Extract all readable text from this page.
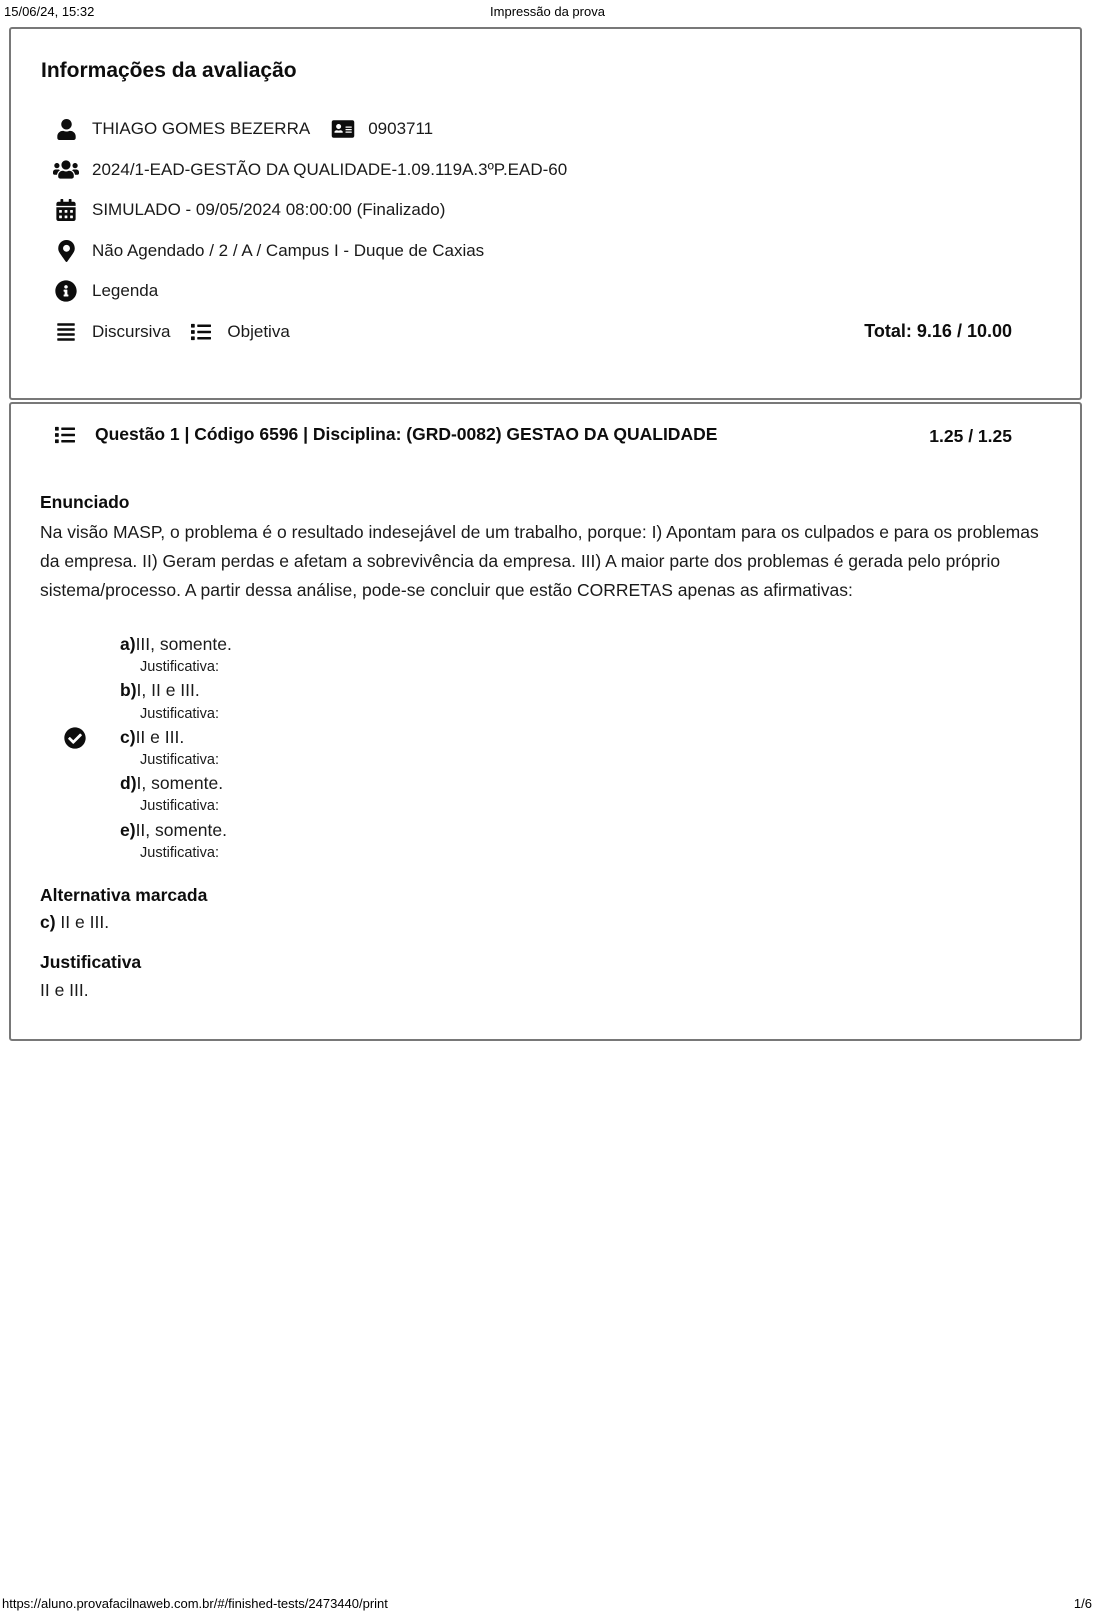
15/06/24, 15:32	Impressão da prova
Informações da avaliação
THIAGO GOMES BEZERRA	0903711
2024/1-EAD-GESTÃO DA QUALIDADE-1.09.119A.3ºP.EAD-60
SIMULADO - 09/05/2024 08:00:00 (Finalizado)
Não Agendado / 2 / A / Campus I - Duque de Caxias
Legenda
Discursiva	Objetiva	Total: 9.16 / 10.00
Questão 1 | Código 6596 | Disciplina: (GRD-0082) GESTAO DA QUALIDADE	1.25 / 1.25
Enunciado
Na visão MASP, o problema é o resultado indesejável de um trabalho, porque: I) Apontam para os culpados e para os problemas da empresa. II) Geram perdas e afetam a sobrevivência da empresa. III) A maior parte dos problemas é gerada pelo próprio sistema/processo. A partir dessa análise, pode-se concluir que estão CORRETAS apenas as afirmativas:
a)III, somente.
Justificativa:
b)I, II e III.
Justificativa:
c)II e III.
Justificativa:
d)I, somente.
Justificativa:
e)II, somente.
Justificativa:
Alternativa marcada
c) II e III.
Justificativa
II e III.
https://aluno.provafacilnaweb.com.br/#/finished-tests/2473440/print	1/6
